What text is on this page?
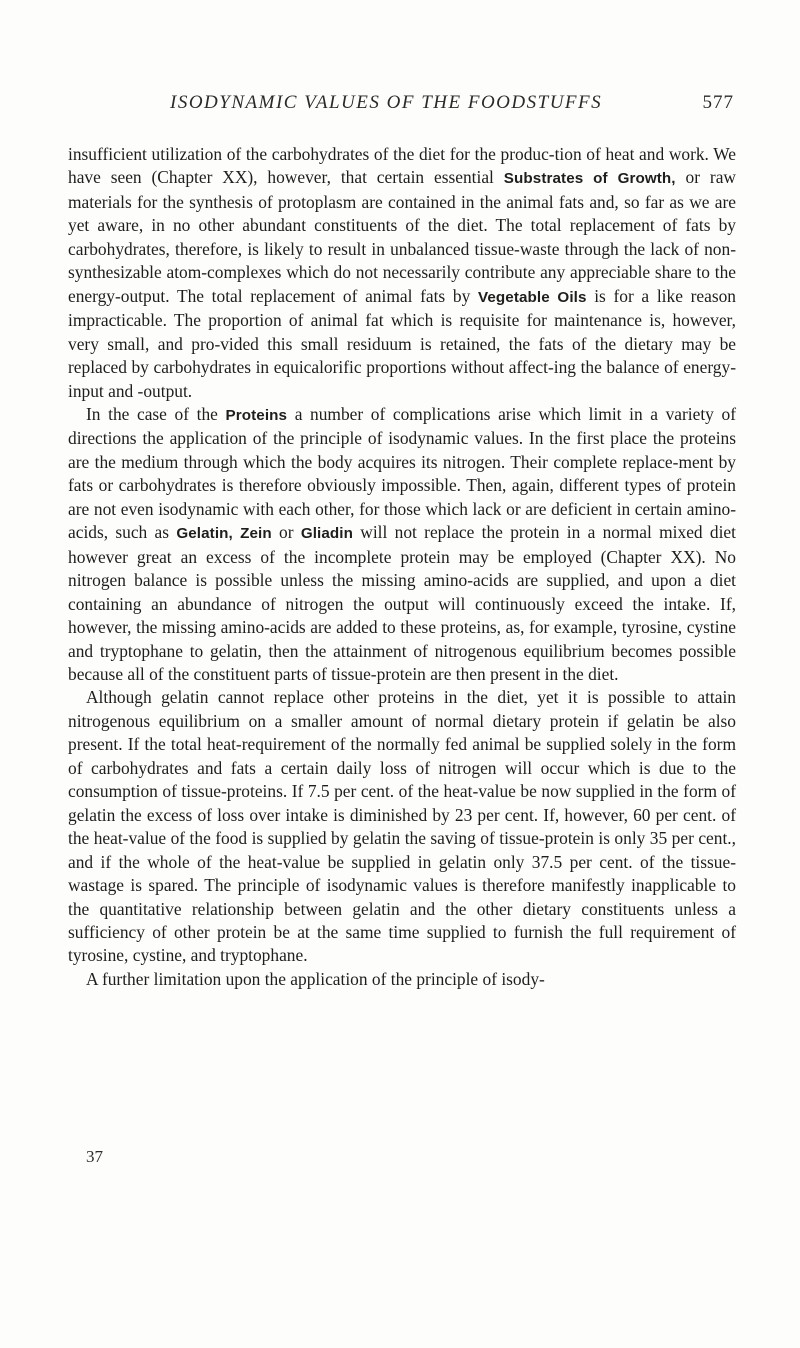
ISODYNAMIC VALUES OF THE FOODSTUFFS	577

insufficient utilization of the carbohydrates of the diet for the produc-tion of heat and work. We have seen (Chapter XX), however, that certain essential Substrates of Growth, or raw materials for the synthesis of protoplasm are contained in the animal fats and, so far as we are yet aware, in no other abundant constituents of the diet. The total replacement of fats by carbohydrates, therefore, is likely to result in unbalanced tissue-waste through the lack of non-synthesizable atom-complexes which do not necessarily contribute any appreciable share to the energy-output. The total replacement of animal fats by Vegetable Oils is for a like reason impracticable. The proportion of animal fat which is requisite for maintenance is, however, very small, and pro-vided this small residuum is retained, the fats of the dietary may be replaced by carbohydrates in equicalorific proportions without affect-ing the balance of energy-input and -output.

In the case of the Proteins a number of complications arise which limit in a variety of directions the application of the principle of isodynamic values. In the first place the proteins are the medium through which the body acquires its nitrogen. Their complete replace-ment by fats or carbohydrates is therefore obviously impossible. Then, again, different types of protein are not even isodynamic with each other, for those which lack or are deficient in certain amino-acids, such as Gelatin, Zein or Gliadin will not replace the protein in a normal mixed diet however great an excess of the incomplete protein may be employed (Chapter XX). No nitrogen balance is possible unless the missing amino-acids are supplied, and upon a diet containing an abundance of nitrogen the output will continuously exceed the intake. If, however, the missing amino-acids are added to these proteins, as, for example, tyrosine, cystine and tryptophane to gelatin, then the attainment of nitrogenous equilibrium becomes possible because all of the constituent parts of tissue-protein are then present in the diet.

Although gelatin cannot replace other proteins in the diet, yet it is possible to attain nitrogenous equilibrium on a smaller amount of normal dietary protein if gelatin be also present. If the total heat-requirement of the normally fed animal be supplied solely in the form of carbohydrates and fats a certain daily loss of nitrogen will occur which is due to the consumption of tissue-proteins. If 7.5 per cent. of the heat-value be now supplied in the form of gelatin the excess of loss over intake is diminished by 23 per cent. If, however, 60 per cent. of the heat-value of the food is supplied by gelatin the saving of tissue-protein is only 35 per cent., and if the whole of the heat-value be supplied in gelatin only 37.5 per cent. of the tissue-wastage is spared. The principle of isodynamic values is therefore manifestly inapplicable to the quantitative relationship between gelatin and the other dietary constituents unless a sufficiency of other protein be at the same time supplied to furnish the full requirement of tyrosine, cystine, and tryptophane.

A further limitation upon the application of the principle of isody-

37
